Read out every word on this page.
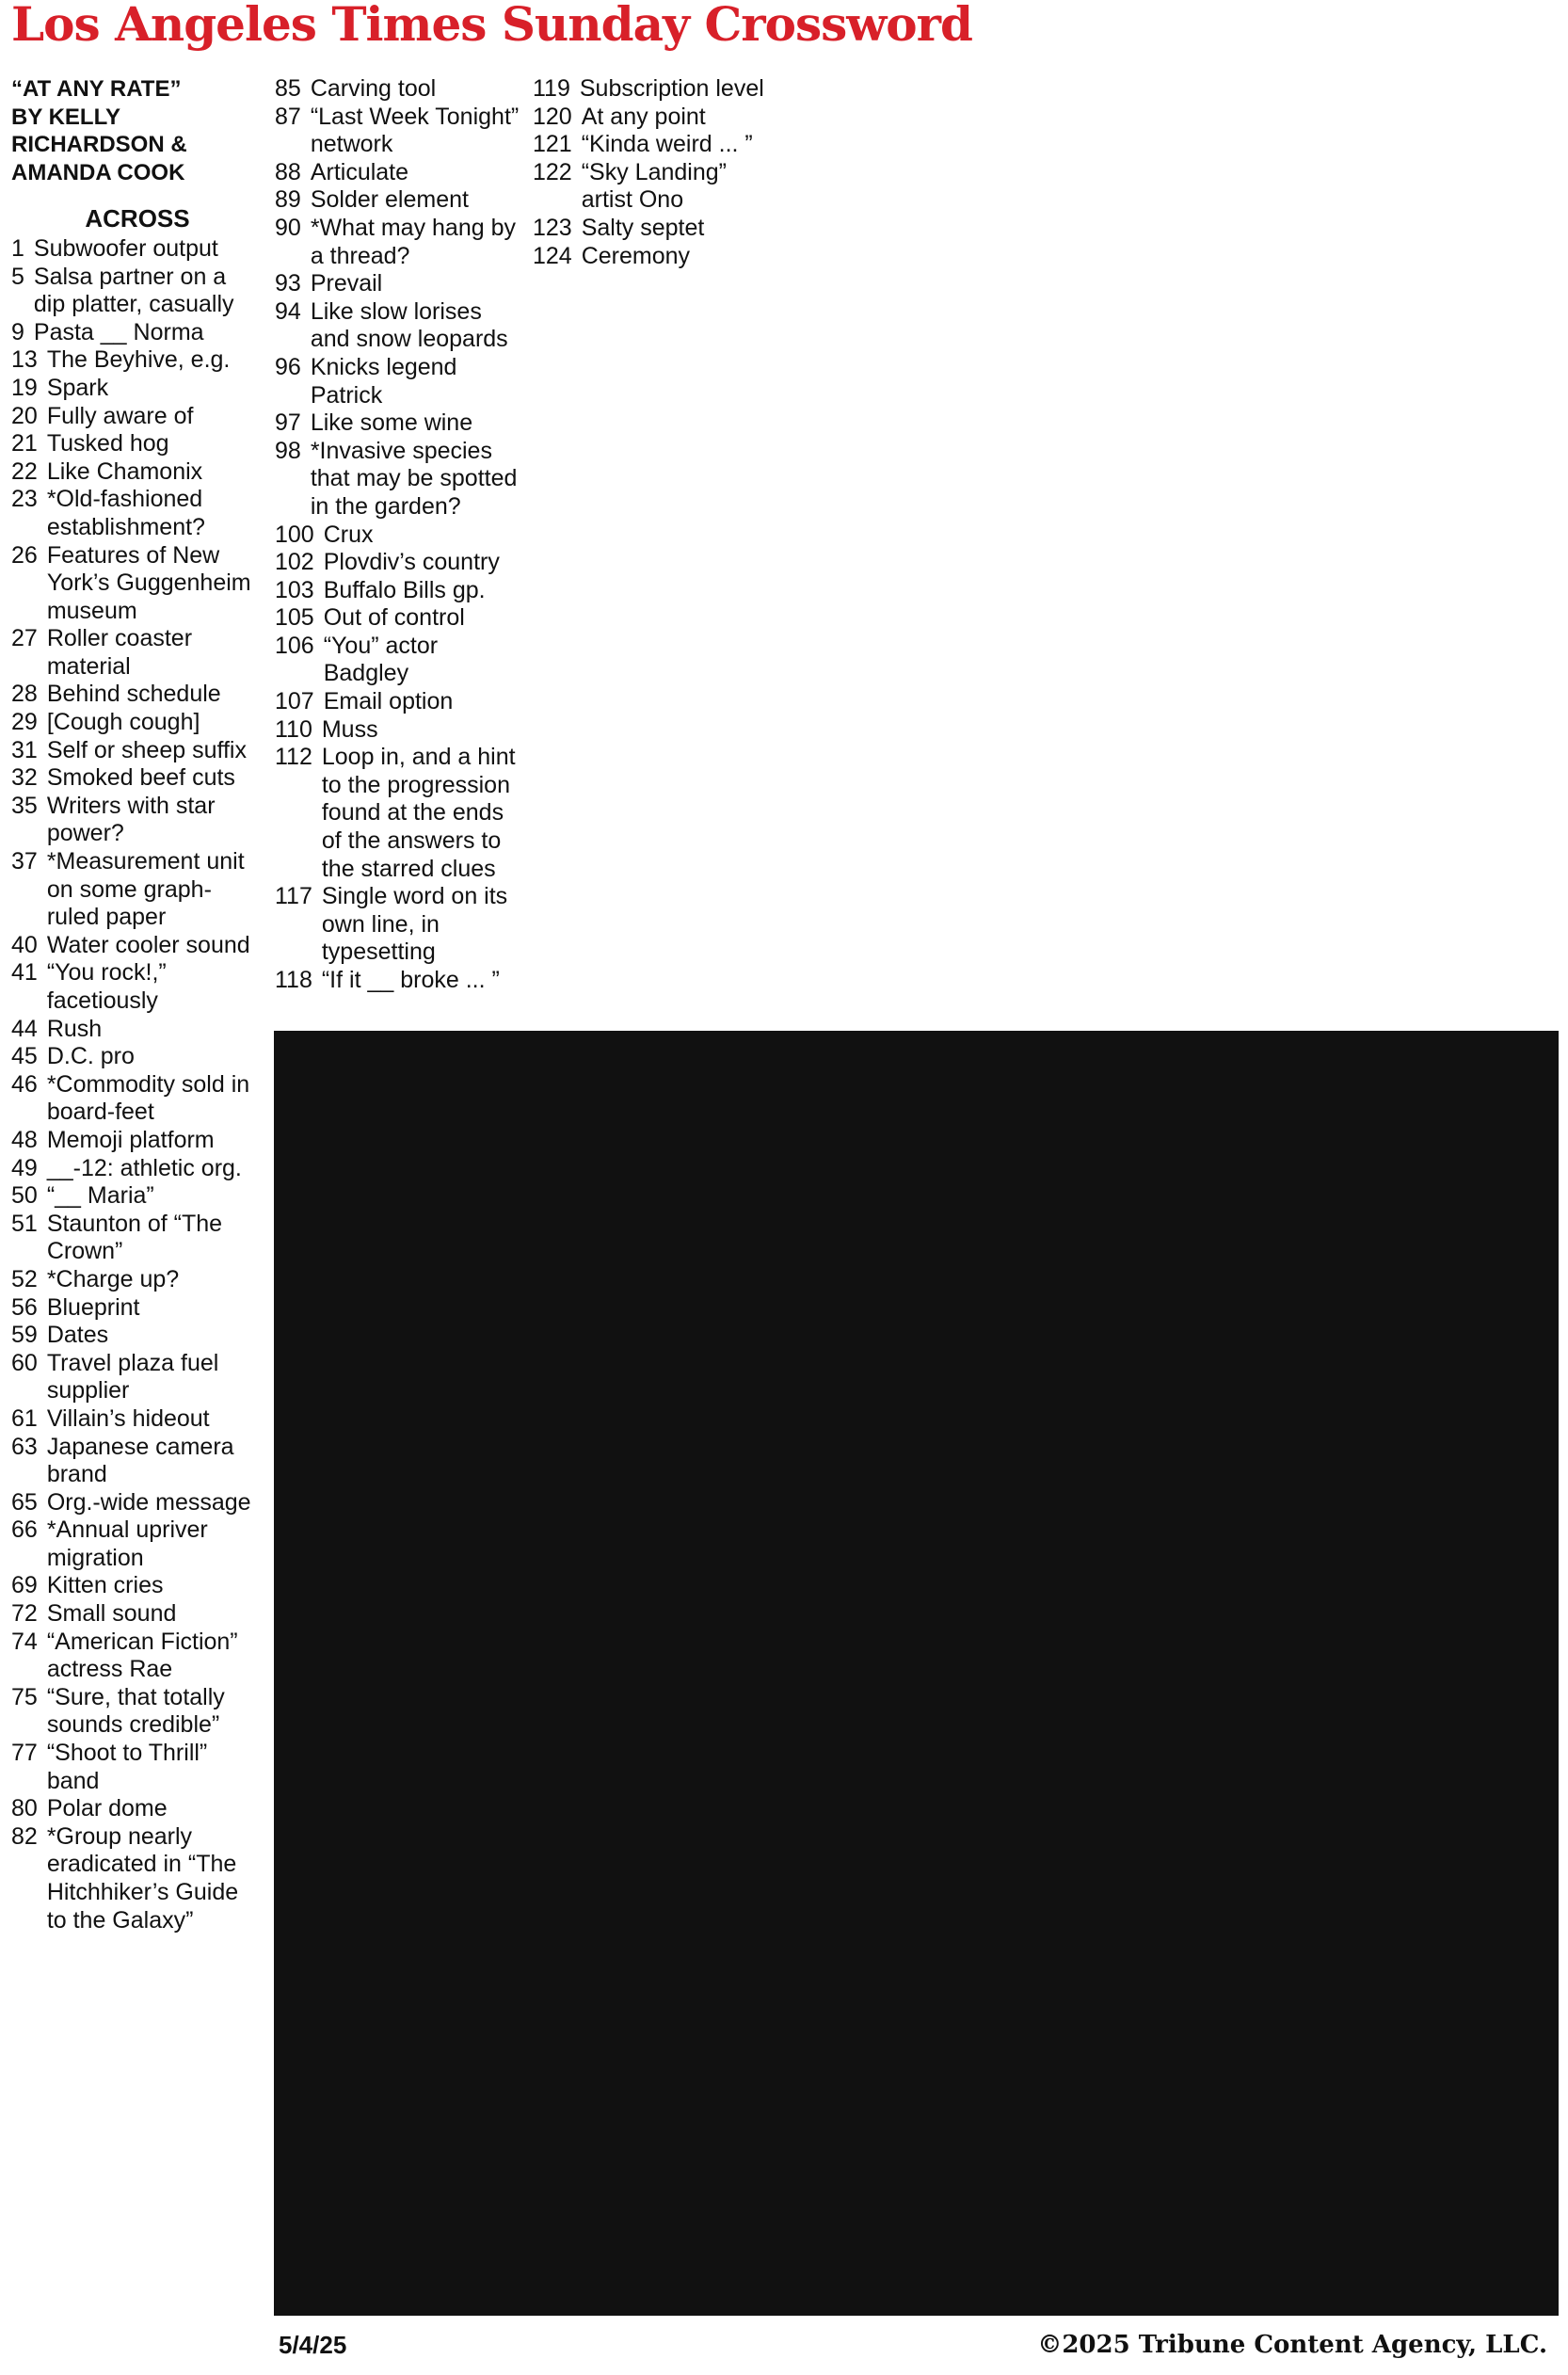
Los Angeles Times Sunday Crossword
“AT ANY RATE”
BY KELLY RICHARDSON & AMANDA COOK
ACROSS
1 Subwoofer output
5 Salsa partner on a dip platter, casually
9 Pasta __ Norma
13 The Beyhive, e.g.
19 Spark
20 Fully aware of
21 Tusked hog
22 Like Chamonix
23 *Old-fashioned establishment?
26 Features of New York’s Guggenheim museum
27 Roller coaster material
28 Behind schedule
29 [Cough cough]
31 Self or sheep suffix
32 Smoked beef cuts
35 Writers with star power?
37 *Measurement unit on some graph-ruled paper
40 Water cooler sound
41 “You rock!,” facetiously
44 Rush
45 D.C. pro
46 *Commodity sold in board-feet
48 Memoji platform
49 __-12: athletic org.
50 “__ Maria”
51 Staunton of “The Crown”
52 *Charge up?
56 Blueprint
59 Dates
60 Travel plaza fuel supplier
61 Villain’s hideout
63 Japanese camera brand
65 Org.-wide message
66 *Annual upriver migration
69 Kitten cries
72 Small sound
74 “American Fiction” actress Rae
75 “Sure, that totally sounds credible”
77 “Shoot to Thrill” band
80 Polar dome
82 *Group nearly eradicated in “The Hitchhiker’s Guide to the Galaxy”
85 Carving tool
87 “Last Week Tonight” network
88 Articulate
89 Solder element
90 *What may hang by a thread?
93 Prevail
94 Like slow lorises and snow leopards
96 Knicks legend Patrick
97 Like some wine
98 *Invasive species that may be spotted in the garden?
100 Crux
102 Plovdiv’s country
103 Buffalo Bills gp.
105 Out of control
106 “You” actor Badgley
107 Email option
110 Muss
112 Loop in, and a hint to the progression found at the ends of the answers to the starred clues
117 Single word on its own line, in typesetting
118 “If it __ broke ... ”
119 Subscription level
120 At any point
121 “Kinda weird ... ”
122 “Sky Landing” artist Ono
123 Salty septet
124 Ceremony
5/4/25	©2025 Tribune Content Agency, LLC.
